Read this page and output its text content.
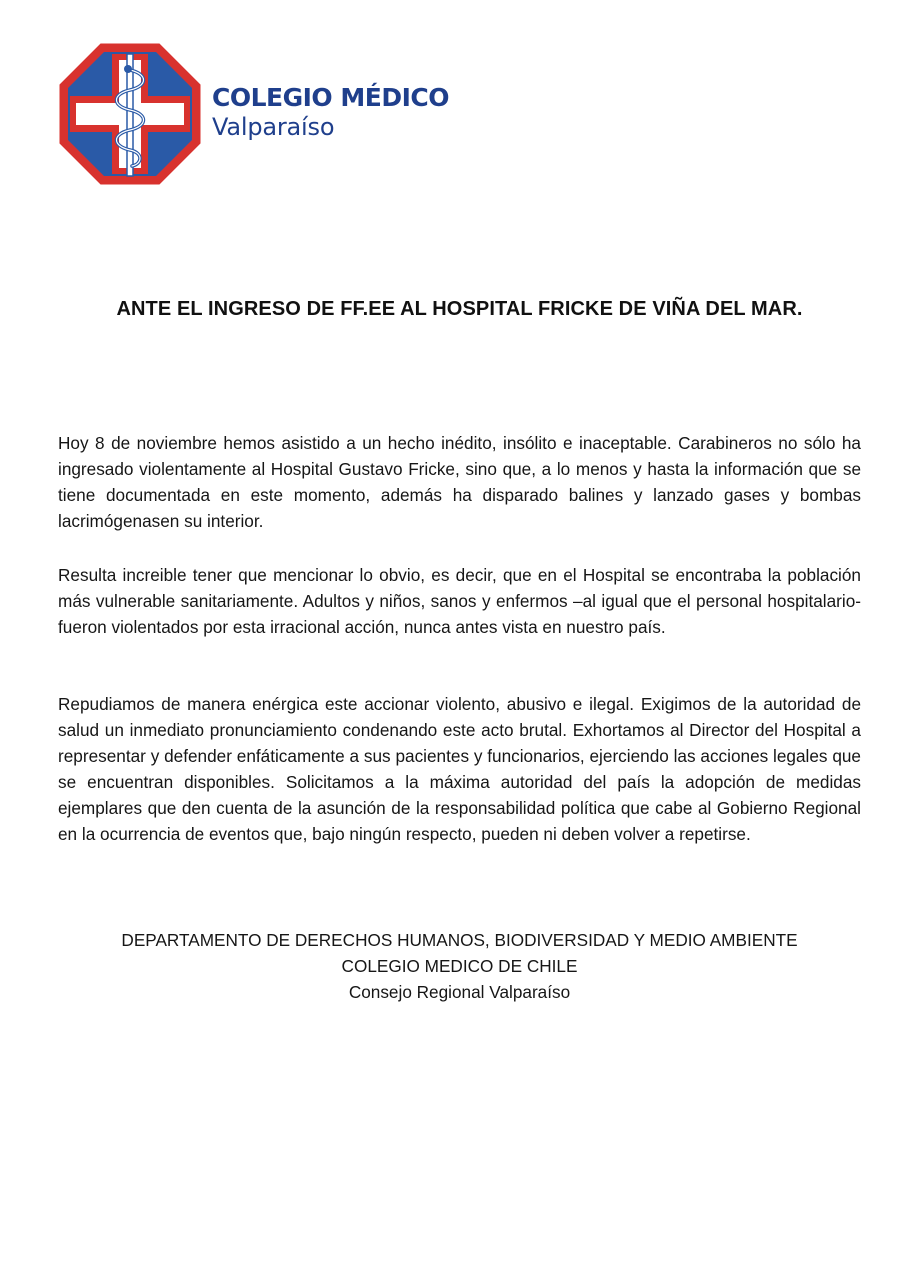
COLEGIO MÉDICO
Valparaíso
ANTE EL INGRESO DE FF.EE AL HOSPITAL FRICKE DE VIÑA DEL MAR.
Hoy 8 de noviembre hemos asistido a un hecho inédito, insólito e inaceptable. Carabineros no sólo ha ingresado violentamente al Hospital Gustavo Fricke, sino que, a lo menos y hasta la información que se tiene documentada en este momento, además ha disparado balines y lanzado gases y bombas lacrimógenasen su interior.
Resulta increible tener que mencionar lo obvio, es decir, que en el Hospital se encontraba la población más vulnerable sanitariamente. Adultos y niños, sanos y enfermos –al igual que el personal hospitalario- fueron violentados por esta irracional acción, nunca antes vista en nuestro país.
Repudiamos de manera enérgica este accionar violento, abusivo e ilegal. Exigimos de la autoridad de salud un inmediato pronunciamiento condenando este acto brutal. Exhortamos al Director del Hospital a representar y defender enfáticamente a sus pacientes y funcionarios, ejerciendo las acciones legales que se encuentran disponibles. Solicitamos a la máxima autoridad del país la adopción de medidas ejemplares que den cuenta de la asunción de la responsabilidad política que cabe al Gobierno Regional en la ocurrencia de eventos que, bajo ningún respecto, pueden ni deben volver a repetirse.
DEPARTAMENTO DE DERECHOS HUMANOS, BIODIVERSIDAD Y MEDIO AMBIENTE
COLEGIO MEDICO DE CHILE
Consejo Regional Valparaíso
